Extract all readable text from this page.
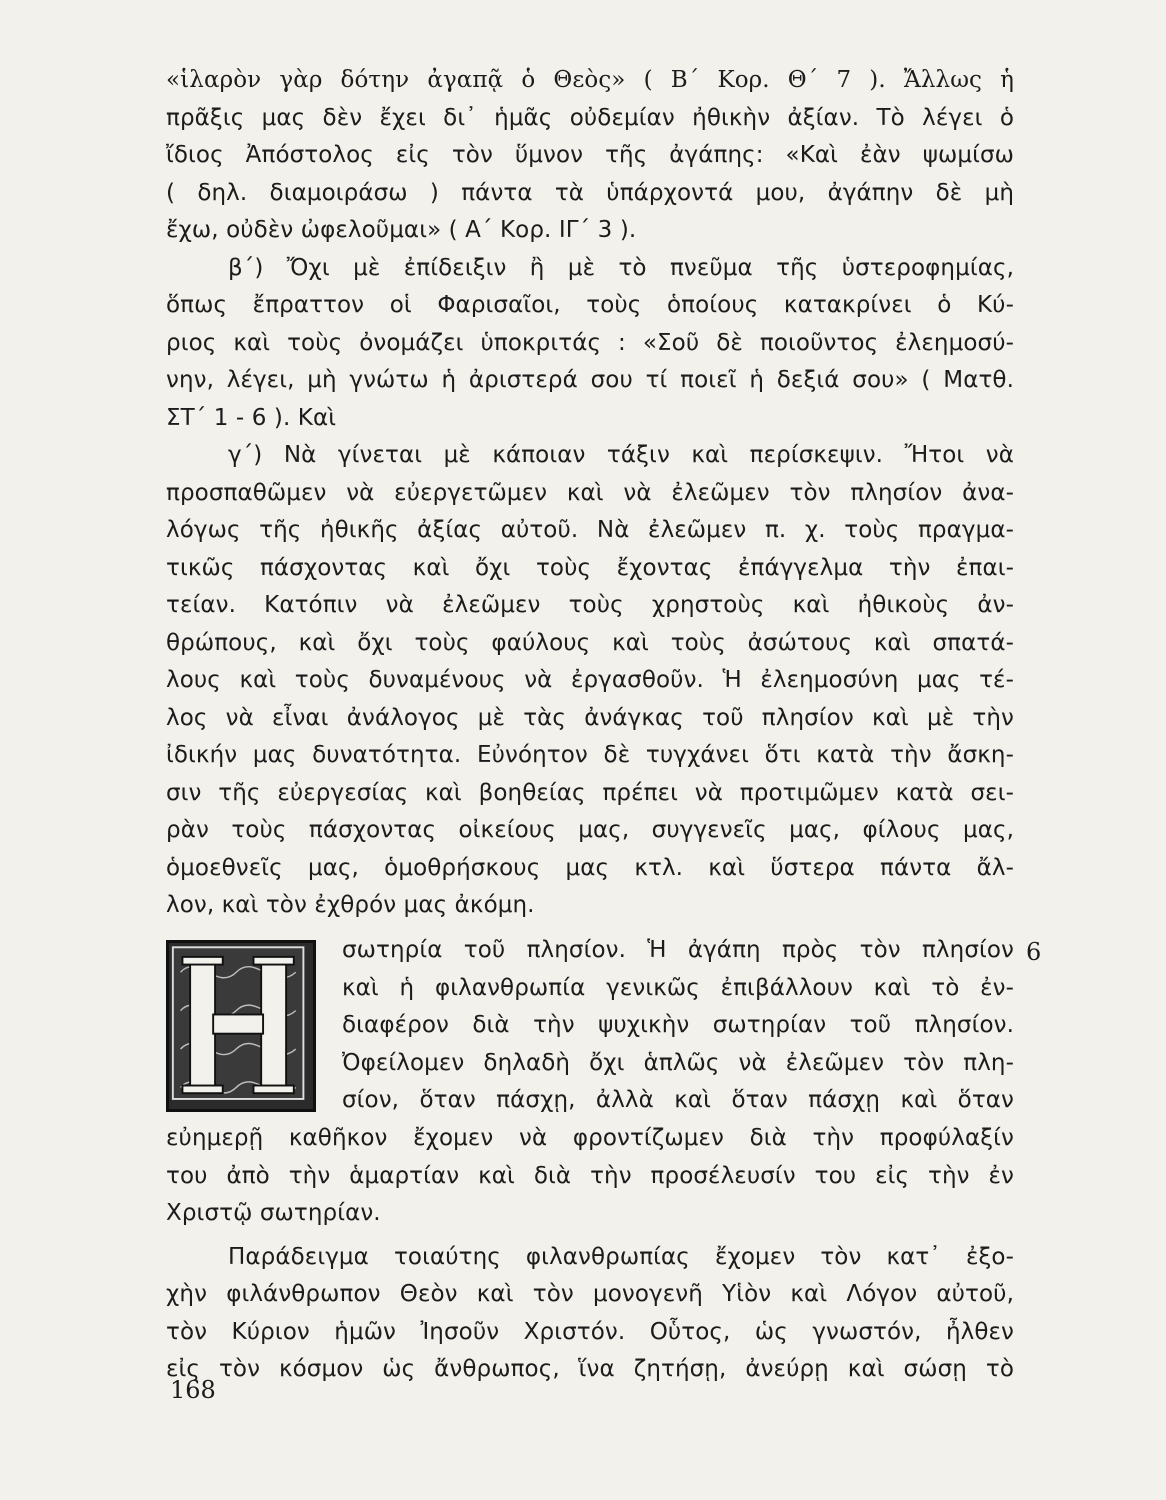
«ἱλαρὸν γὰρ δότην ἀγαπᾷ ὁ Θεὸς» ( Β΄ Κορ. Θ΄ 7 ). Ἄλλως ἡ
πρᾶξις μας δὲν ἔχει δι᾿ ἡμᾶς οὐδεμίαν ἠθικὴν ἀξίαν. Τὸ λέγει ὁ
ἴδιος Ἀπόστολος εἰς τὸν ὕμνον τῆς ἀγάπης: «Καὶ ἐὰν ψωμίσω
( δηλ. διαμοιράσω ) πάντα τὰ ὑπάρχοντά μου, ἀγάπην δὲ μὴ
ἔχω, οὐδὲν ὠφελοῦμαι» ( Α΄ Κορ. ΙΓ΄ 3 ).
β΄) Ὄχι μὲ ἐπίδειξιν ἢ μὲ τὸ πνεῦμα τῆς ὑστεροφημίας,
ὅπως ἔπραττον οἱ Φαρισαῖοι, τοὺς ὁποίους κατακρίνει ὁ Κύ-
ριος καὶ τοὺς ὀνομάζει ὑποκριτάς : «Σοῦ δὲ ποιοῦντος ἐλεημοσύ-
νην, λέγει, μὴ γνώτω ἡ ἀριστερά σου τί ποιεῖ ἡ δεξιά σου» ( Ματθ.
ΣΤ΄ 1 - 6 ). Καὶ
γ΄) Νὰ γίνεται μὲ κάποιαν τάξιν καὶ περίσκεψιν. Ἤτοι νὰ
προσπαθῶμεν νὰ εὐεργετῶμεν καὶ νὰ ἐλεῶμεν τὸν πλησίον ἀνα-
λόγως τῆς ἠθικῆς ἀξίας αὐτοῦ. Νὰ ἐλεῶμεν π. χ. τοὺς πραγμα-
τικῶς πάσχοντας καὶ ὄχι τοὺς ἔχοντας ἐπάγγελμα τὴν ἐπαι-
τείαν. Κατόπιν νὰ ἐλεῶμεν τοὺς χρηστοὺς καὶ ἠθικοὺς ἀν-
θρώπους, καὶ ὄχι τοὺς φαύλους καὶ τοὺς ἀσώτους καὶ σπατά-
λους καὶ τοὺς δυναμένους νὰ ἐργασθοῦν. Ἡ ἐλεημοσύνη μας τέ-
λος νὰ εἶναι ἀνάλογος μὲ τὰς ἀνάγκας τοῦ πλησίον καὶ μὲ τὴν
ἰδικήν μας δυνατότητα. Εὐνόητον δὲ τυγχάνει ὅτι κατὰ τὴν ἄσκη-
σιν τῆς εὐεργεσίας καὶ βοηθείας πρέπει νὰ προτιμῶμεν κατὰ σει-
ρὰν τοὺς πάσχοντας οἰκείους μας, συγγενεῖς μας, φίλους μας,
ὁμοεθνεῖς μας, ὁμοθρήσκους μας κτλ. καὶ ὕστερα πάντα ἄλ-
λον, καὶ τὸν ἐχθρόν μας ἀκόμη.
σωτηρία τοῦ πλησίον. Ἡ ἀγάπη πρὸς τὸν πλησίον
καὶ ἡ φιλανθρωπία γενικῶς ἐπιβάλλουν καὶ τὸ ἐν-
διαφέρον διὰ τὴν ψυχικὴν σωτηρίαν τοῦ πλησίον.
Ὀφείλομεν δηλαδὴ ὄχι ἁπλῶς νὰ ἐλεῶμεν τὸν πλη-
σίον, ὅταν πάσχῃ, ἀλλὰ καὶ ὅταν πάσχῃ καὶ ὅταν
εὐημερῇ καθῆκον ἔχομεν νὰ φροντίζωμεν διὰ τὴν προφύλαξίν
του ἀπὸ τὴν ἁμαρτίαν καὶ διὰ τὴν προσέλευσίν του εἰς τὴν ἐν
Χριστῷ σωτηρίαν.
Παράδειγμα τοιαύτης φιλανθρωπίας ἔχομεν τὸν κατ᾿ ἐξο-
χὴν φιλάνθρωπον Θεὸν καὶ τὸν μονογενῆ Υἱὸν καὶ Λόγον αὐτοῦ,
τὸν Κύριον ἡμῶν Ἰησοῦν Χριστόν. Οὗτος, ὡς γνωστόν, ἦλθεν
εἰς τὸν κόσμον ὡς ἄνθρωπος, ἵνα ζητήσῃ, ἀνεύρῃ καὶ σώσῃ τὸ
6
168
